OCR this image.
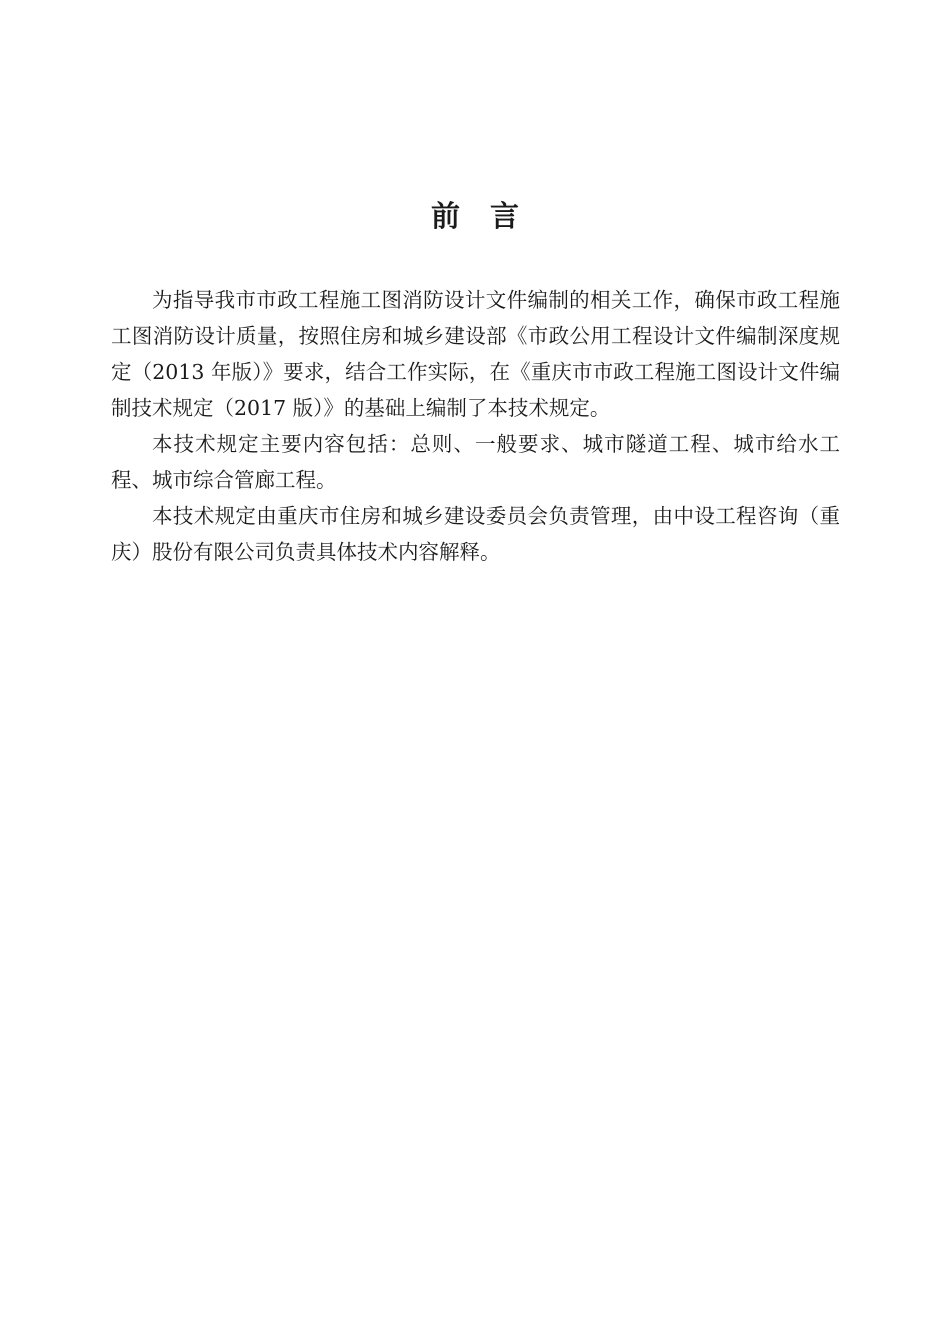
前言

为指导我市市政工程施工图消防设计文件编制的相关工作，确保市政工程施工图消防设计质量，按照住房和城乡建设部《市政公用工程设计文件编制深度规定（2013 年版）》要求，结合工作实际，在《重庆市市政工程施工图设计文件编制技术规定（2017 版）》的基础上编制了本技术规定。

本技术规定主要内容包括：总则、一般要求、城市隧道工程、城市给水工程、城市综合管廊工程。

本技术规定由重庆市住房和城乡建设委员会负责管理，由中设工程咨询（重庆）股份有限公司负责具体技术内容解释。
